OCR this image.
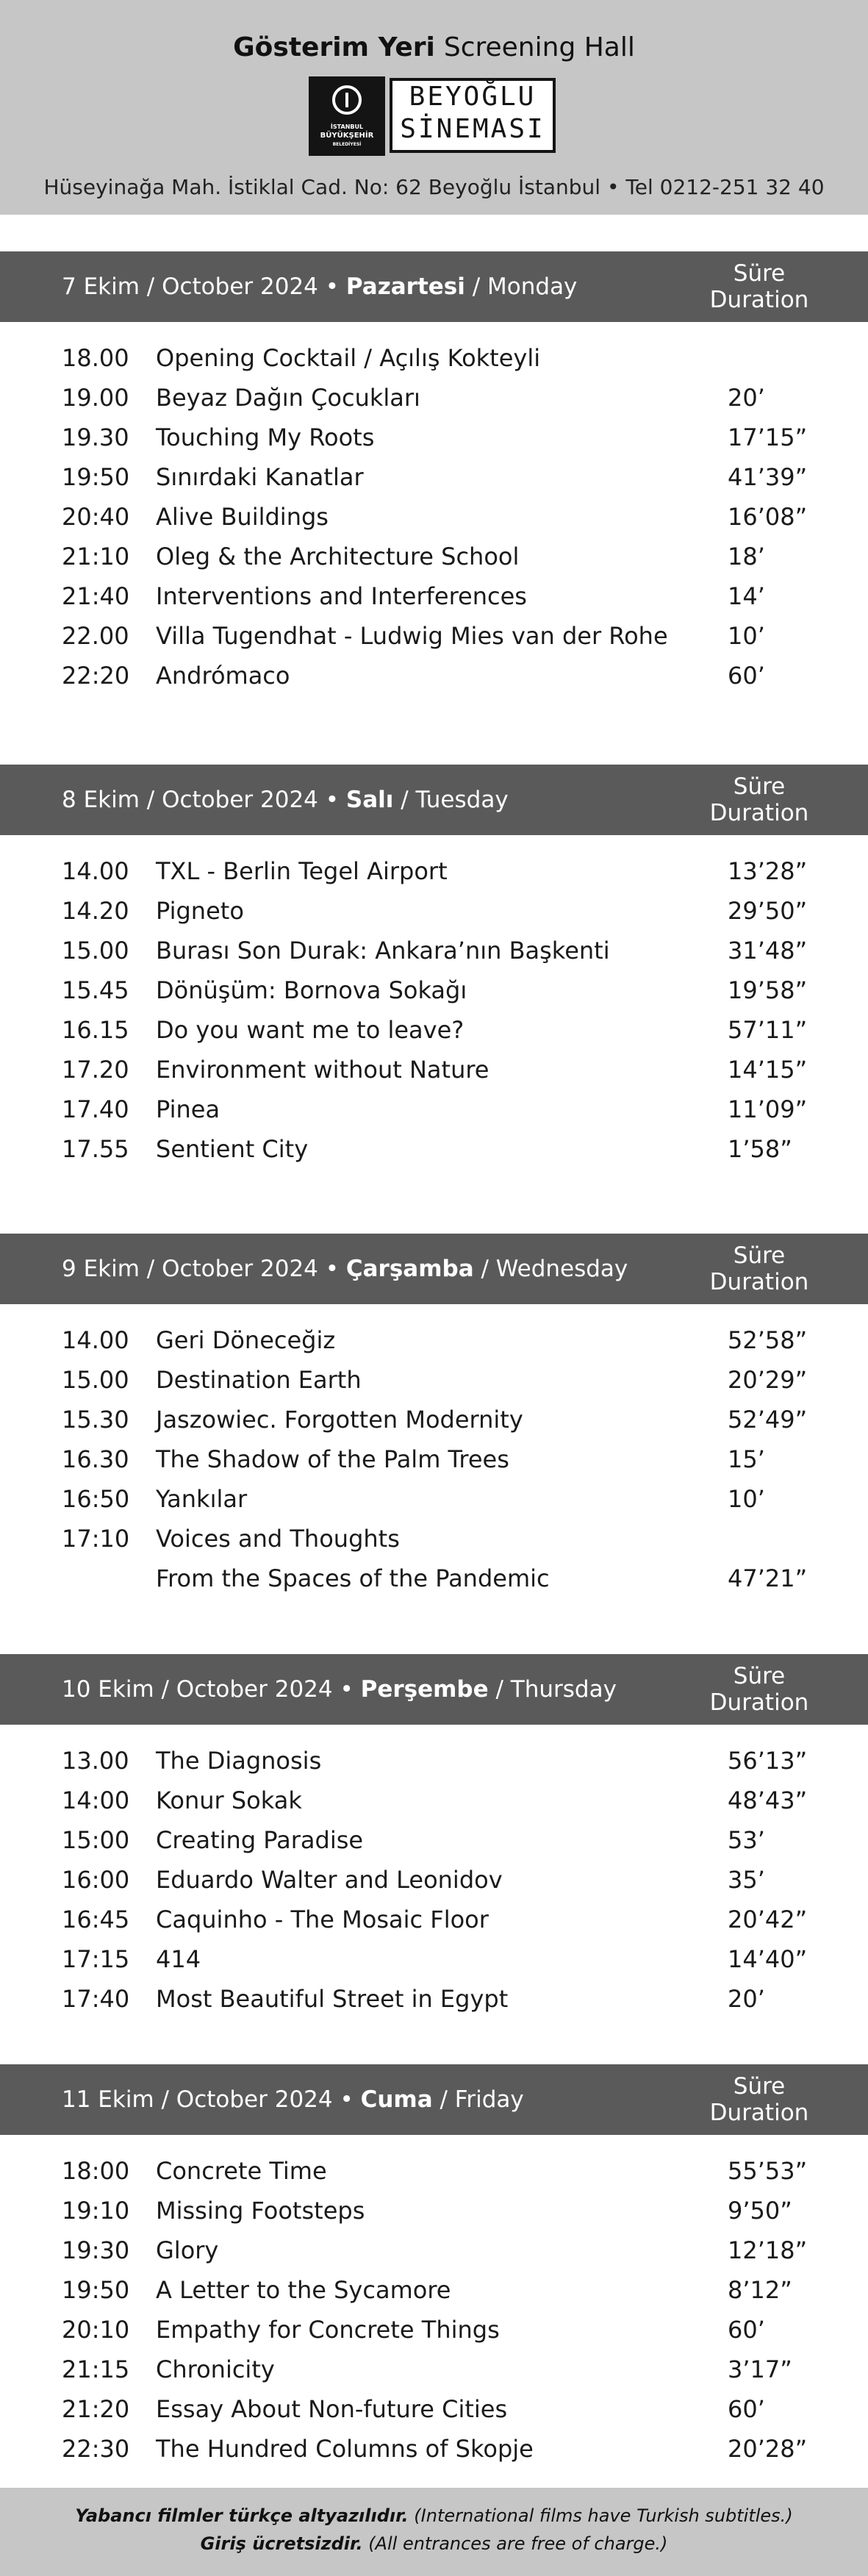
Gösterim Yeri Screening Hall
İSTANBUL
BÜYÜKŞEHİR
BELEDİYESİ
BEYOĞLU
SİNEMASI
Hüseyinağa Mah. İstiklal Cad. No: 62 Beyoğlu İstanbul • Tel 0212-251 32 40
7 Ekim / October 2024 • Pazartesi / Monday	Süre
Duration
18.00 Opening Cocktail / Açılış Kokteyli
19.00 Beyaz Dağın Çocukları	20’
19.30 Touching My Roots	17’15”
19:50 Sınırdaki Kanatlar	41’39”
20:40 Alive Buildings	16’08”
21:10 Oleg & the Architecture School	18’
21:40 Interventions and Interferences	14’
22.00 Villa Tugendhat - Ludwig Mies van der Rohe	10’
22:20 Andrómaco	60’
8 Ekim / October 2024 • Salı / Tuesday	Süre
Duration
14.00 TXL - Berlin Tegel Airport	13’28”
14.20 Pigneto	29’50”
15.00 Burası Son Durak: Ankara’nın Başkenti	31’48”
15.45 Dönüşüm: Bornova Sokağı	19’58”
16.15 Do you want me to leave?	57’11”
17.20 Environment without Nature	14’15”
17.40 Pinea	11’09”
17.55 Sentient City	1’58”
9 Ekim / October 2024 • Çarşamba / Wednesday	Süre
Duration
14.00 Geri Döneceğiz	52’58”
15.00 Destination Earth	20’29”
15.30 Jaszowiec. Forgotten Modernity	52’49”
16.30 The Shadow of the Palm Trees	15’
16:50 Yankılar	10’
17:10 Voices and Thoughts
From the Spaces of the Pandemic	47’21”
10 Ekim / October 2024 • Perşembe / Thursday	Süre
Duration
13.00 The Diagnosis	56’13”
14:00 Konur Sokak	48’43”
15:00 Creating Paradise	53’
16:00 Eduardo Walter and Leonidov	35’
16:45 Caquinho - The Mosaic Floor	20’42”
17:15 414	14’40”
17:40 Most Beautiful Street in Egypt	20’
11 Ekim / October 2024 • Cuma / Friday	Süre
Duration
18:00 Concrete Time	55’53”
19:10 Missing Footsteps	9’50”
19:30 Glory	12’18”
19:50 A Letter to the Sycamore	8’12”
20:10 Empathy for Concrete Things	60’
21:15 Chronicity	3’17”
21:20 Essay About Non-future Cities	60’
22:30 The Hundred Columns of Skopje	20’28”
Yabancı filmler türkçe altyazılıdır. (International films have Turkish subtitles.)
Giriş ücretsizdir. (All entrances are free of charge.)
